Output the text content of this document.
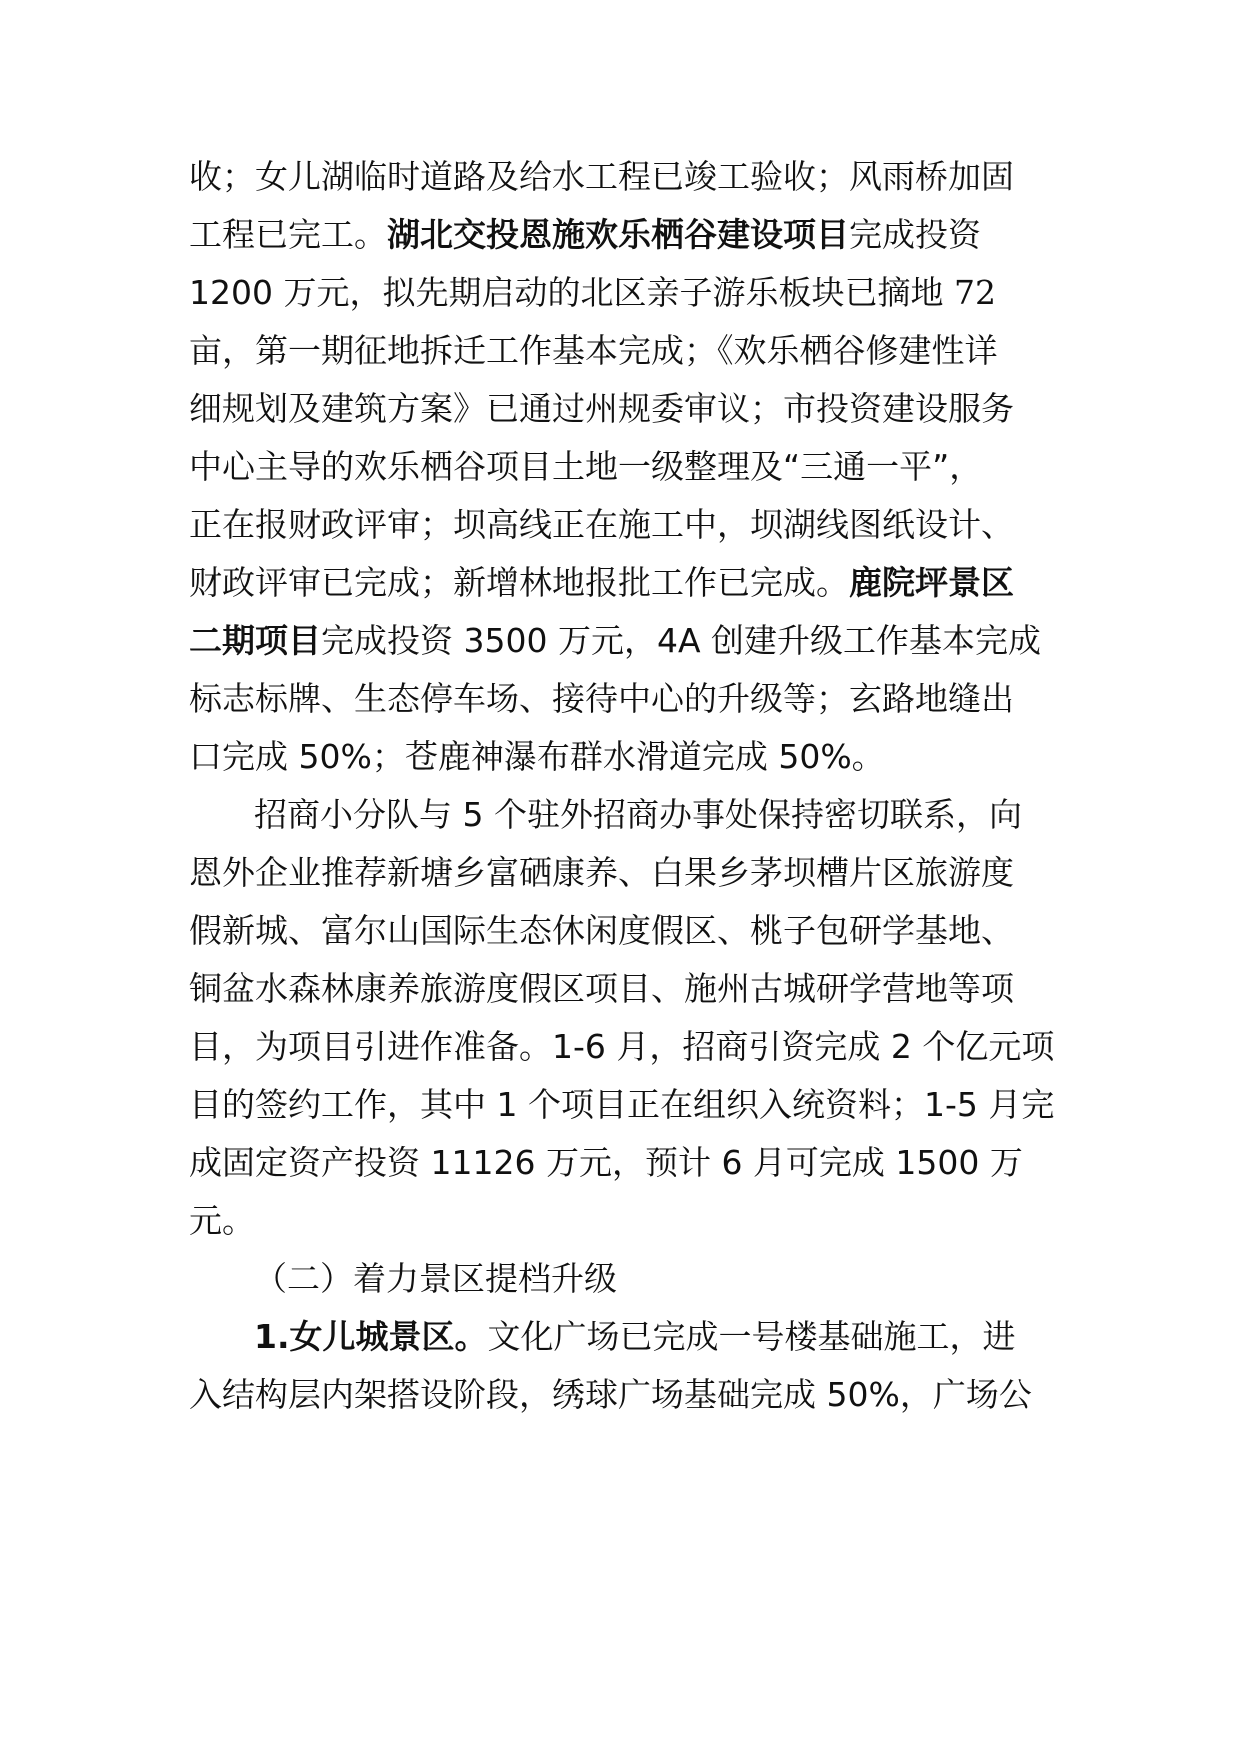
收；女儿湖临时道路及给水工程已竣工验收；风雨桥加固
工程已完工。湖北交投恩施欢乐栖谷建设项目完成投资
1200 万元，拟先期启动的北区亲子游乐板块已摘地 72
亩，第一期征地拆迁工作基本完成；《欢乐栖谷修建性详
细规划及建筑方案》已通过州规委审议；市投资建设服务
中心主导的欢乐栖谷项目土地一级整理及“三通一平”，
正在报财政评审；坝高线正在施工中，坝湖线图纸设计、
财政评审已完成；新增林地报批工作已完成。鹿院坪景区
二期项目完成投资 3500 万元，4A 创建升级工作基本完成
标志标牌、生态停车场、接待中心的升级等；玄路地缝出
口完成 50%；苍鹿神瀑布群水滑道完成 50%。
招商小分队与 5 个驻外招商办事处保持密切联系，向
恩外企业推荐新塘乡富硒康养、白果乡茅坝槽片区旅游度
假新城、富尔山国际生态休闲度假区、桃子包研学基地、
铜盆水森林康养旅游度假区项目、施州古城研学营地等项
目，为项目引进作准备。1-6 月，招商引资完成 2 个亿元项
目的签约工作，其中 1 个项目正在组织入统资料；1-5 月完
成固定资产投资 11126 万元，预计 6 月可完成 1500 万
元。
（二）着力景区提档升级
1.女儿城景区。文化广场已完成一号楼基础施工，进
入结构层内架搭设阶段，绣球广场基础完成 50%，广场公
